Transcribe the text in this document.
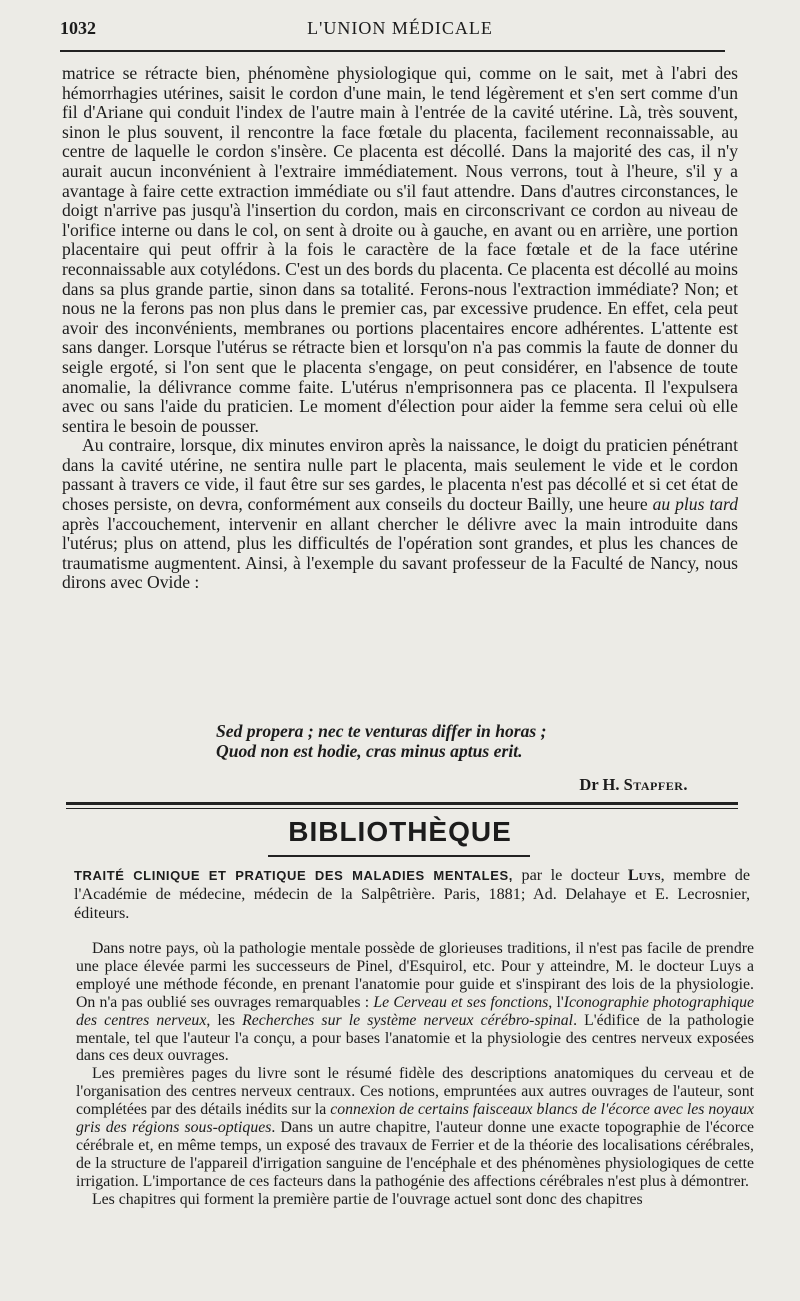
1032	L'UNION MÉDICALE

matrice se rétracte bien, phénomène physiologique qui, comme on le sait, met à l'abri des hémorrhagies utérines, saisit le cordon d'une main, le tend légèrement et s'en sert comme d'un fil d'Ariane qui conduit l'index de l'autre main à l'entrée de la cavité utérine. Là, très souvent, sinon le plus souvent, il rencontre la face fœtale du placenta, facilement reconnaissable, au centre de laquelle le cordon s'insère. Ce placenta est décollé. Dans la majorité des cas, il n'y aurait aucun inconvénient à l'extraire immédiatement. Nous verrons, tout à l'heure, s'il y a avantage à faire cette extraction immédiate ou s'il faut attendre. Dans d'autres circonstances, le doigt n'arrive pas jusqu'à l'insertion du cordon, mais en circonscrivant ce cordon au niveau de l'orifice interne ou dans le col, on sent à droite ou à gauche, en avant ou en arrière, une portion placentaire qui peut offrir à la fois le caractère de la face fœtale et de la face utérine reconnaissable aux cotylédons. C'est un des bords du placenta. Ce placenta est décollé au moins dans sa plus grande partie, sinon dans sa totalité. Ferons-nous l'extraction immédiate? Non; et nous ne la ferons pas non plus dans le premier cas, par excessive prudence. En effet, cela peut avoir des inconvénients, membranes ou portions placentaires encore adhérentes. L'attente est sans danger. Lorsque l'utérus se rétracte bien et lorsqu'on n'a pas commis la faute de donner du seigle ergoté, si l'on sent que le placenta s'engage, on peut considérer, en l'absence de toute anomalie, la délivrance comme faite. L'utérus n'emprisonnera pas ce placenta. Il l'expulsera avec ou sans l'aide du praticien. Le moment d'élection pour aider la femme sera celui où elle sentira le besoin de pousser.

Au contraire, lorsque, dix minutes environ après la naissance, le doigt du praticien pénétrant dans la cavité utérine, ne sentira nulle part le placenta, mais seulement le vide et le cordon passant à travers ce vide, il faut être sur ses gardes, le placenta n'est pas décollé et si cet état de choses persiste, on devra, conformément aux conseils du docteur Bailly, une heure au plus tard après l'accouchement, intervenir en allant chercher le délivre avec la main introduite dans l'utérus; plus on attend, plus les difficultés de l'opération sont grandes, et plus les chances de traumatisme augmentent. Ainsi, à l'exemple du savant professeur de la Faculté de Nancy, nous dirons avec Ovide :

Sed propera ; nec te venturas differ in horas ;
Quod non est hodie, cras minus aptus erit.
Dr H. Stapfer.
BIBLIOTHÈQUE
TRAITÉ CLINIQUE ET PRATIQUE DES MALADIES MENTALES, par le docteur Luys, membre de l'Académie de médecine, médecin de la Salpêtrière. Paris, 1881; Ad. Delahaye et E. Lecrosnier, éditeurs.

Dans notre pays, où la pathologie mentale possède de glorieuses traditions, il n'est pas facile de prendre une place élevée parmi les successeurs de Pinel, d'Esquirol, etc. Pour y atteindre, M. le docteur Luys a employé une méthode féconde, en prenant l'anatomie pour guide et s'inspirant des lois de la physiologie. On n'a pas oublié ses ouvrages remarquables : Le Cerveau et ses fonctions, l'Iconographie photographique des centres nerveux, les Recherches sur le système nerveux cérébro-spinal. L'édifice de la pathologie mentale, tel que l'auteur l'a conçu, a pour bases l'anatomie et la physiologie des centres nerveux exposées dans ces deux ouvrages.

Les premières pages du livre sont le résumé fidèle des descriptions anatomiques du cerveau et de l'organisation des centres nerveux centraux. Ces notions, empruntées aux autres ouvrages de l'auteur, sont complétées par des détails inédits sur la connexion de certains faisceaux blancs de l'écorce avec les noyaux gris des régions sous-optiques. Dans un autre chapitre, l'auteur donne une exacte topographie de l'écorce cérébrale et, en même temps, un exposé des travaux de Ferrier et de la théorie des localisations cérébrales, de la structure de l'appareil d'irrigation sanguine de l'encéphale et des phénomènes physiologiques de cette irrigation. L'importance de ces facteurs dans la pathogénie des affections cérébrales n'est plus à démontrer.

Les chapitres qui forment la première partie de l'ouvrage actuel sont donc des chapitres
